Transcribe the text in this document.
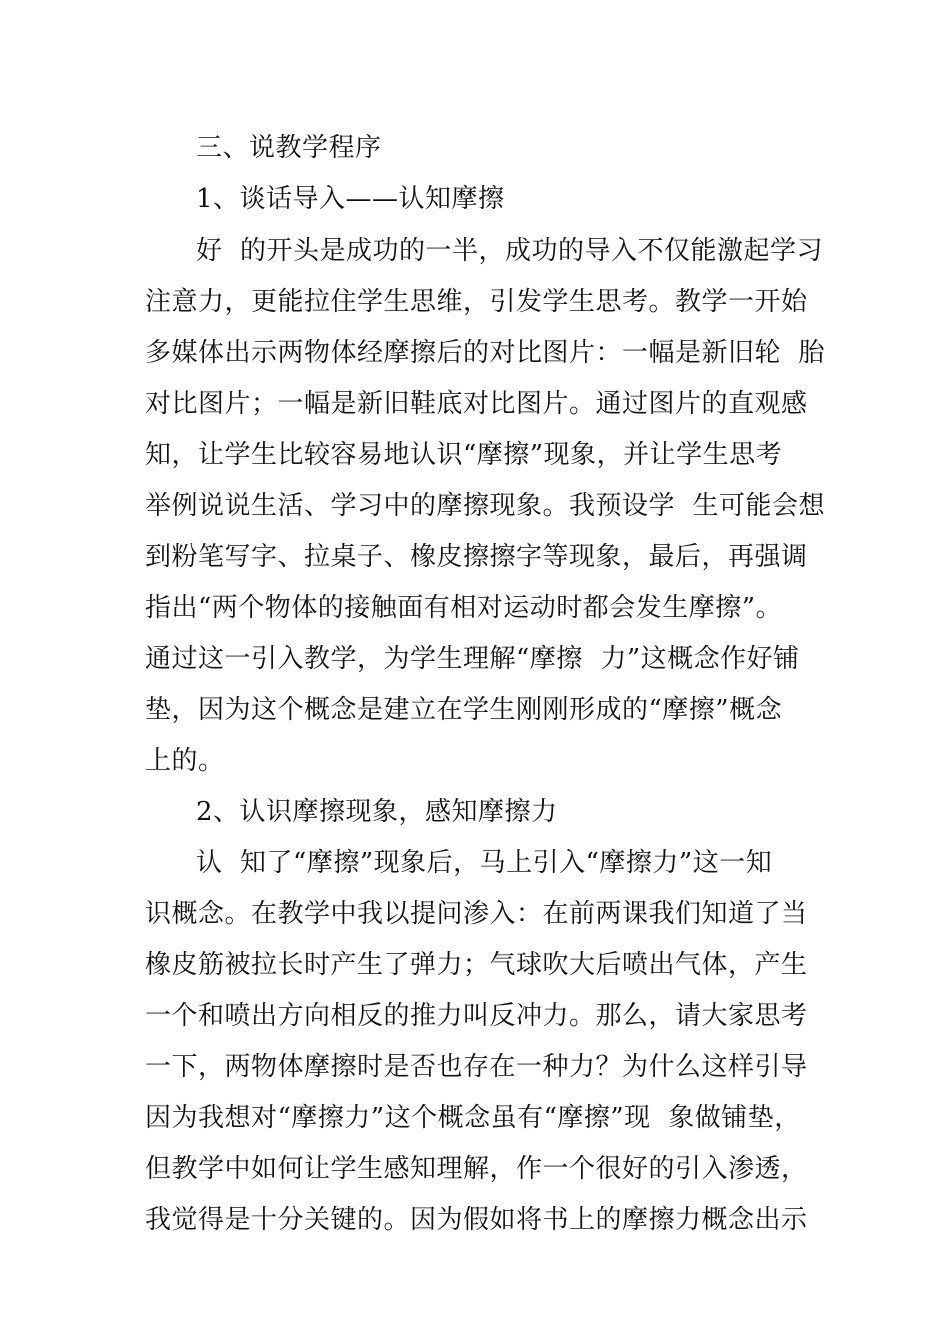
三、说教学程序
1、谈话导入——认知摩擦
好  的开头是成功的一半，成功的导入不仅能激起学习
注意力，更能拉住学生思维，引发学生思考。教学一开始
多媒体出示两物体经摩擦后的对比图片：一幅是新旧轮  胎
对比图片；一幅是新旧鞋底对比图片。通过图片的直观感
知，让学生比较容易地认识“摩擦”现象，并让学生思考
举例说说生活、学习中的摩擦现象。我预设学  生可能会想
到粉笔写字、拉桌子、橡皮擦擦字等现象，最后，再强调
指出“两个物体的接触面有相对运动时都会发生摩擦”。
通过这一引入教学，为学生理解“摩擦  力”这概念作好铺
垫，因为这个概念是建立在学生刚刚形成的“摩擦”概念
上的。
2、认识摩擦现象，感知摩擦力
认  知了“摩擦”现象后，马上引入“摩擦力”这一知
识概念。在教学中我以提问渗入：在前两课我们知道了当
橡皮筋被拉长时产生了弹力；气球吹大后喷出气体，产生
一个和喷出方向相反的推力叫反冲力。那么，请大家思考
一下，两物体摩擦时是否也存在一种力？为什么这样引导
因为我想对“摩擦力”这个概念虽有“摩擦”现  象做铺垫，
但教学中如何让学生感知理解，作一个很好的引入渗透，
我觉得是十分关键的。因为假如将书上的摩擦力概念出示
